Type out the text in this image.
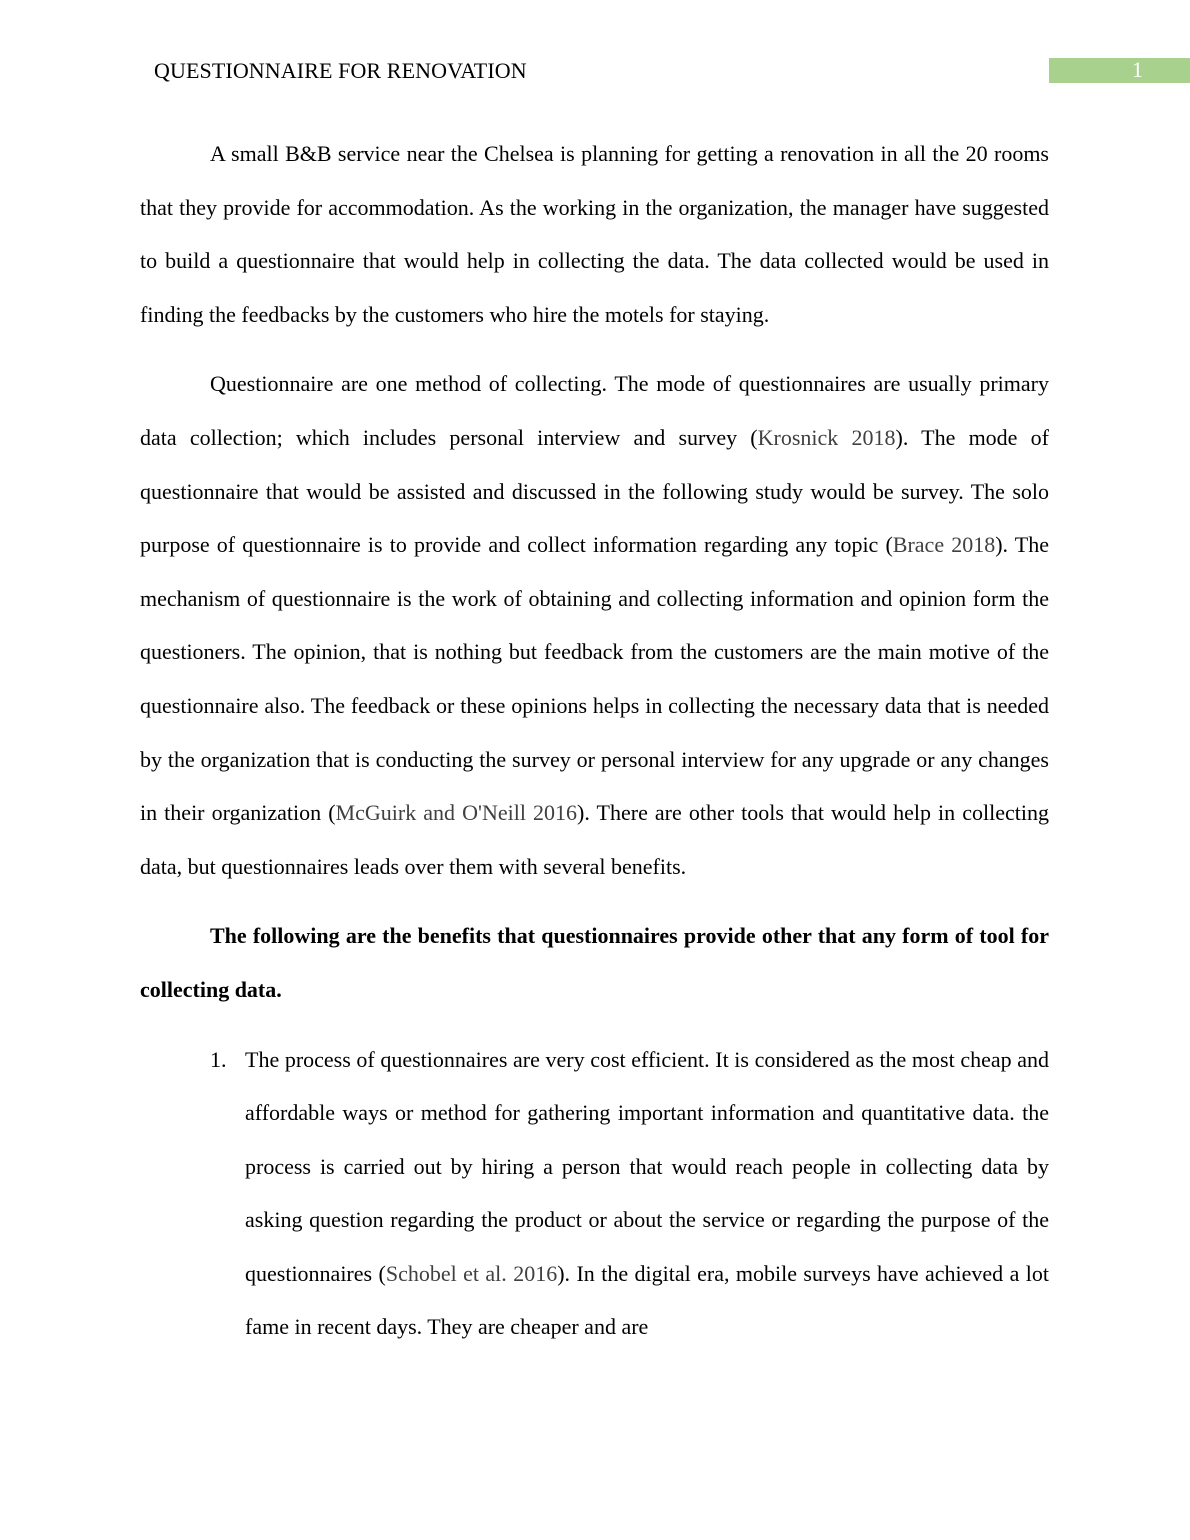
QUESTIONNAIRE FOR RENOVATION	1

A small B&B service near the Chelsea is planning for getting a renovation in all the 20 rooms that they provide for accommodation. As the working in the organization, the manager have suggested to build a questionnaire that would help in collecting the data. The data collected would be used in finding the feedbacks by the customers who hire the motels for staying.

Questionnaire are one method of collecting. The mode of questionnaires are usually primary data collection; which includes personal interview and survey (Krosnick 2018). The mode of questionnaire that would be assisted and discussed in the following study would be survey. The solo purpose of questionnaire is to provide and collect information regarding any topic (Brace 2018). The mechanism of questionnaire is the work of obtaining and collecting information and opinion form the questioners. The opinion, that is nothing but feedback from the customers are the main motive of the questionnaire also. The feedback or these opinions helps in collecting the necessary data that is needed by the organization that is conducting the survey or personal interview for any upgrade or any changes in their organization (McGuirk and O'Neill 2016). There are other tools that would help in collecting data, but questionnaires leads over them with several benefits.

The following are the benefits that questionnaires provide other that any form of tool for collecting data.

1. The process of questionnaires are very cost efficient. It is considered as the most cheap and affordable ways or method for gathering important information and quantitative data. the process is carried out by hiring a person that would reach people in collecting data by asking question regarding the product or about the service or regarding the purpose of the questionnaires (Schobel et al. 2016). In the digital era, mobile surveys have achieved a lot fame in recent days. They are cheaper and are
